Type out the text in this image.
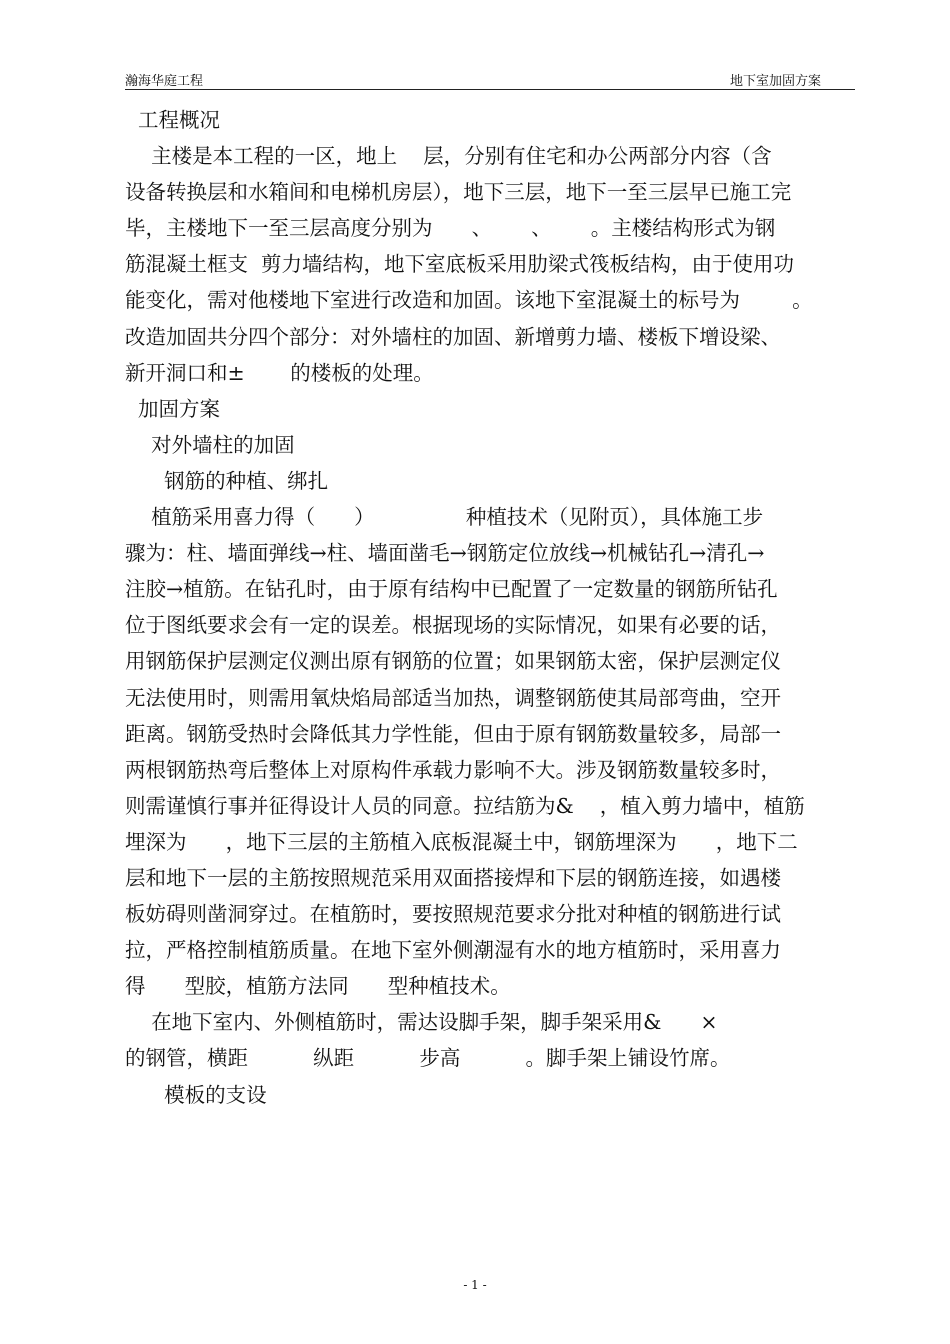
瀚海华庭工程	地下室加固方案
工程概况
主楼是本工程的一区，地上    层，分别有住宅和办公两部分内容（含
设备转换层和水箱间和电梯机房层），地下三层，地下一至三层早已施工完
毕，主楼地下一至三层高度分别为      、      、      。主楼结构形式为钢
筋混凝土框支  剪力墙结构，地下室底板采用肋梁式筏板结构，由于使用功
能变化，需对他楼地下室进行改造和加固。该地下室混凝土的标号为        。
改造加固共分四个部分：对外墙柱的加固、新增剪力墙、楼板下增设梁、
新开洞口和±       的楼板的处理。
加固方案
对外墙柱的加固
钢筋的种植、绑扎
植筋采用喜力得（      ）              种植技术（见附页），具体施工步
骤为：柱、墙面弹线→柱、墙面凿毛→钢筋定位放线→机械钻孔→清孔→
注胶→植筋。在钻孔时，由于原有结构中已配置了一定数量的钢筋所钻孔
位于图纸要求会有一定的误差。根据现场的实际情况，如果有必要的话，
用钢筋保护层测定仪测出原有钢筋的位置；如果钢筋太密，保护层测定仪
无法使用时，则需用氧炔焰局部适当加热，调整钢筋使其局部弯曲，空开
距离。钢筋受热时会降低其力学性能，但由于原有钢筋数量较多，局部一
两根钢筋热弯后整体上对原构件承载力影响不大。涉及钢筋数量较多时，
则需谨慎行事并征得设计人员的同意。拉结筋为&    ，植入剪力墙中，植筋
埋深为      ，地下三层的主筋植入底板混凝土中，钢筋埋深为      ，地下二
层和地下一层的主筋按照规范采用双面搭接焊和下层的钢筋连接，如遇楼
板妨碍则凿洞穿过。在植筋时，要按照规范要求分批对种植的钢筋进行试
拉，严格控制植筋质量。在地下室外侧潮湿有水的地方植筋时，采用喜力
得      型胶，植筋方法同      型种植技术。
在地下室内、外侧植筋时，需达设脚手架，脚手架采用&      ×
的钢管，横距          纵距          步高          。脚手架上铺设竹席。
模板的支设
- 1 -
